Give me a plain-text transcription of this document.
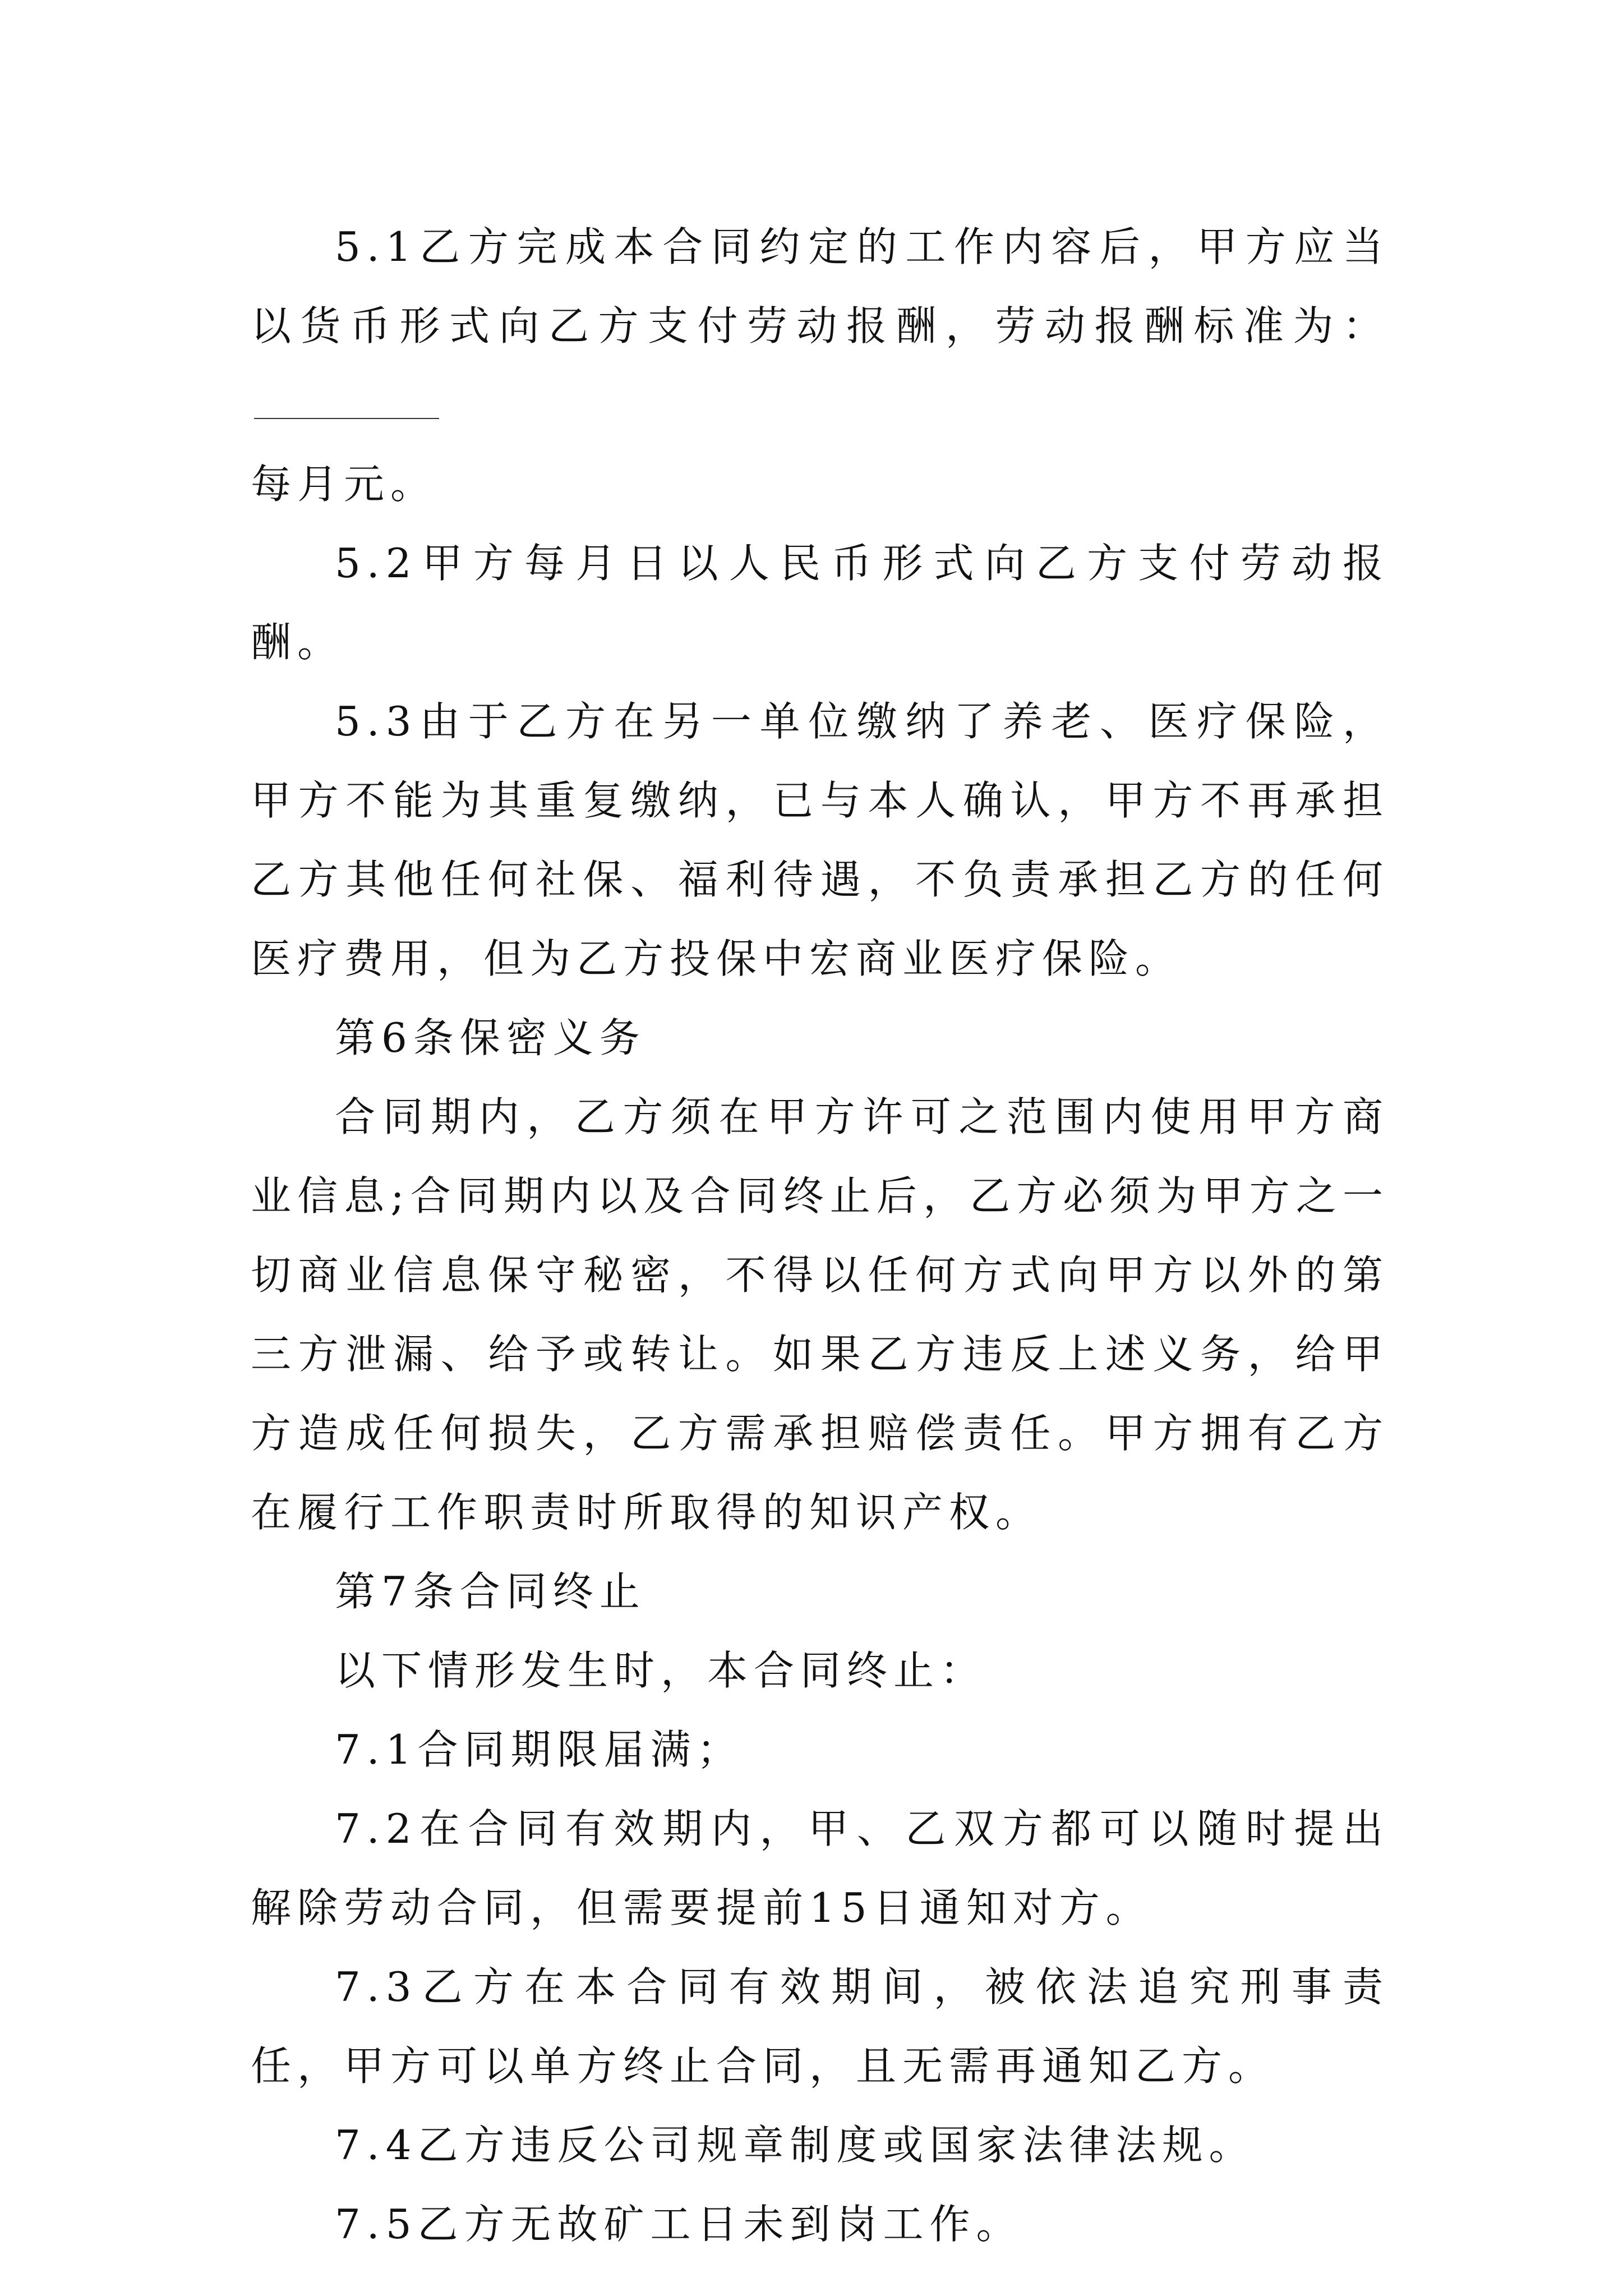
5.1乙方完成本合同约定的工作内容后，甲方应当以货币形式向乙方支付劳动报酬，劳动报酬标准为：
每月元。

5.2甲方每月日以人民币形式向乙方支付劳动报酬。

5.3由于乙方在另一单位缴纳了养老、医疗保险，甲方不能为其重复缴纳，已与本人确认，甲方不再承担乙方其他任何社保、福利待遇，不负责承担乙方的任何医疗费用，但为乙方投保中宏商业医疗保险。

第6条保密义务

合同期内，乙方须在甲方许可之范围内使用甲方商业信息;合同期内以及合同终止后，乙方必须为甲方之一切商业信息保守秘密，不得以任何方式向甲方以外的第三方泄漏、给予或转让。如果乙方违反上述义务，给甲方造成任何损失，乙方需承担赔偿责任。甲方拥有乙方在履行工作职责时所取得的知识产权。

第7条合同终止

以下情形发生时，本合同终止：

7.1合同期限届满；

7.2在合同有效期内，甲、乙双方都可以随时提出解除劳动合同，但需要提前15日通知对方。

7.3乙方在本合同有效期间，被依法追究刑事责任，甲方可以单方终止合同，且无需再通知乙方。

7.4乙方违反公司规章制度或国家法律法规。

7.5乙方无故矿工日未到岗工作。
